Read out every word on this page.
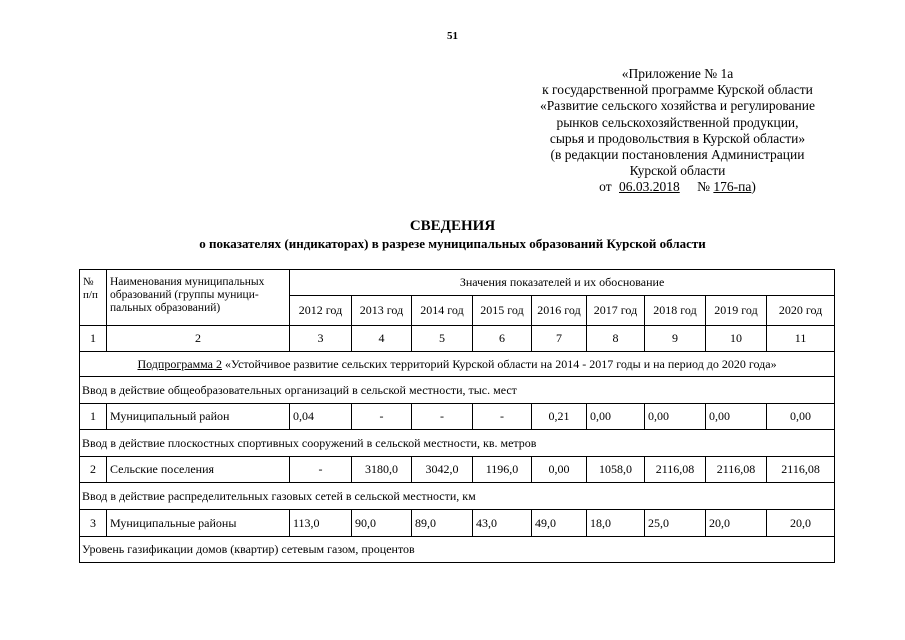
51
«Приложение № 1а
к государственной программе Курской области
«Развитие сельского хозяйства и регулирование
рынков сельскохозяйственной продукции,
сырья и продовольствия в Курской области»
(в редакции постановления Администрации
Курской области
от 06.03.2018 № 176-па)
СВЕДЕНИЯ
о показателях (индикаторах) в разрезе муниципальных образований Курской области
№ п/п	Наименования муниципальных образований (группы муници- пальных образований)	Значения показателей и их обоснование								
		2012 год	2013 год	2014 год	2015 год	2016 год	2017 год	2018 год	2019 год	2020 год
1	2	3	4	5	6	7	8	9	10	11
Подпрограмма 2 «Устойчивое развитие сельских территорий Курской области на 2014 - 2017 годы и на период до 2020 года»										
Ввод в действие общеобразовательных организаций в сельской местности, тыс. мест										
1	Муниципальный район	0,04	-	-	-	0,21	0,00	0,00	0,00	0,00
Ввод в действие плоскостных спортивных сооружений в сельской местности, кв. метров										
2	Сельские поселения	-	3180,0	3042,0	1196,0	0,00	1058,0	2116,08	2116,08	2116,08
Ввод в действие распределительных газовых сетей в сельской местности, км										
3	Муниципальные районы	113,0	90,0	89,0	43,0	49,0	18,0	25,0	20,0	20,0
Уровень газификации домов (квартир) сетевым газом, процентов										
